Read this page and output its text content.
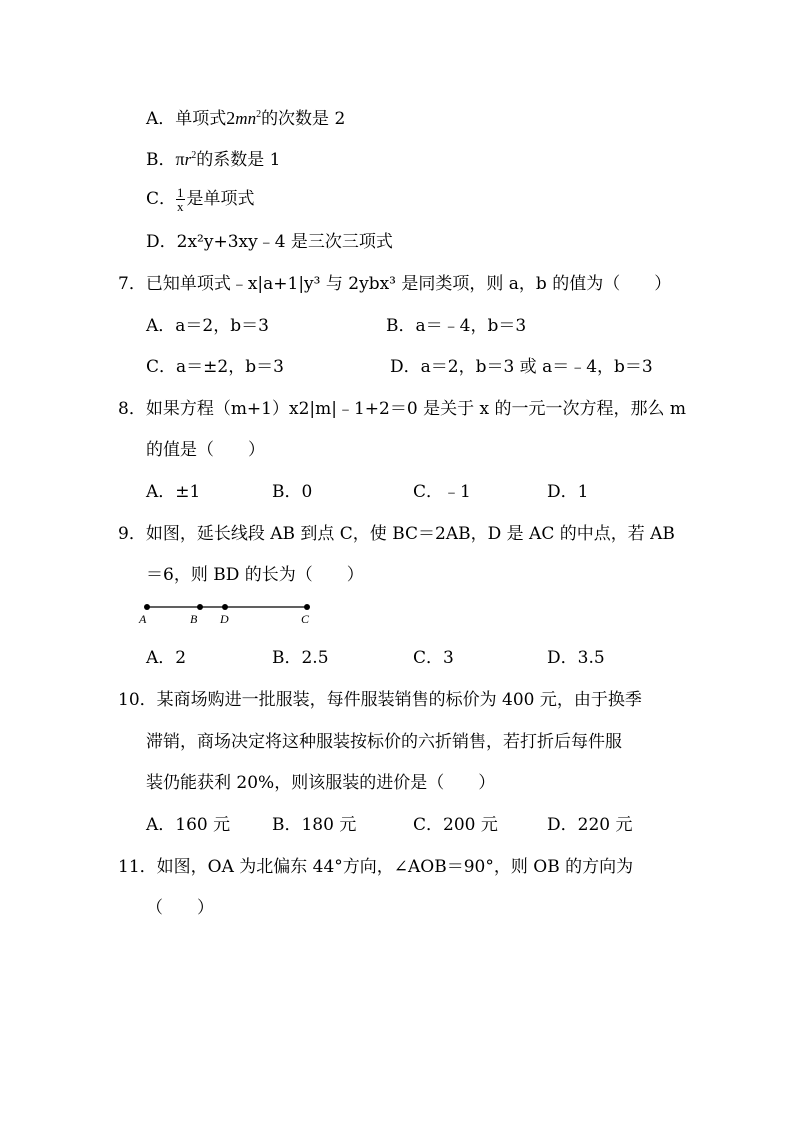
A．单项式$2mn^2$的次数是 2
B．$\pi r^2$的系数是 1
C． $\frac{1}{x}$ 是单项式
D．2x²y+3xy﹣4 是三次三项式
7．已知单项式﹣x|a+1|y³ 与 2ybx³ 是同类项，则 a，b 的值为（　　）
A．a＝2，b＝3	B．a＝﹣4，b＝3
C．a＝±2，b＝3	D．a＝2，b＝3 或 a＝﹣4，b＝3
8．如果方程（m+1）x2|m|﹣1+2＝0 是关于 x 的一元一次方程，那么 m
的值是（　　）
A．±1	B．0	C．﹣1	D．1
9．如图，延长线段 AB 到点 C，使 BC＝2AB，D 是 AC 的中点，若 AB
＝6，则 BD 的长为（　　）
A	B D	C
A．2	B．2.5	C．3	D．3.5
10．某商场购进一批服装，每件服装销售的标价为 400 元，由于换季
滞销，商场决定将这种服装按标价的六折销售，若打折后每件服
装仍能获利 20%，则该服装的进价是（　　）
A．160 元 B．180 元	C．200 元	D．220 元
11．如图，OA 为北偏东 44°方向，∠AOB＝90°，则 OB 的方向为
（　　）
